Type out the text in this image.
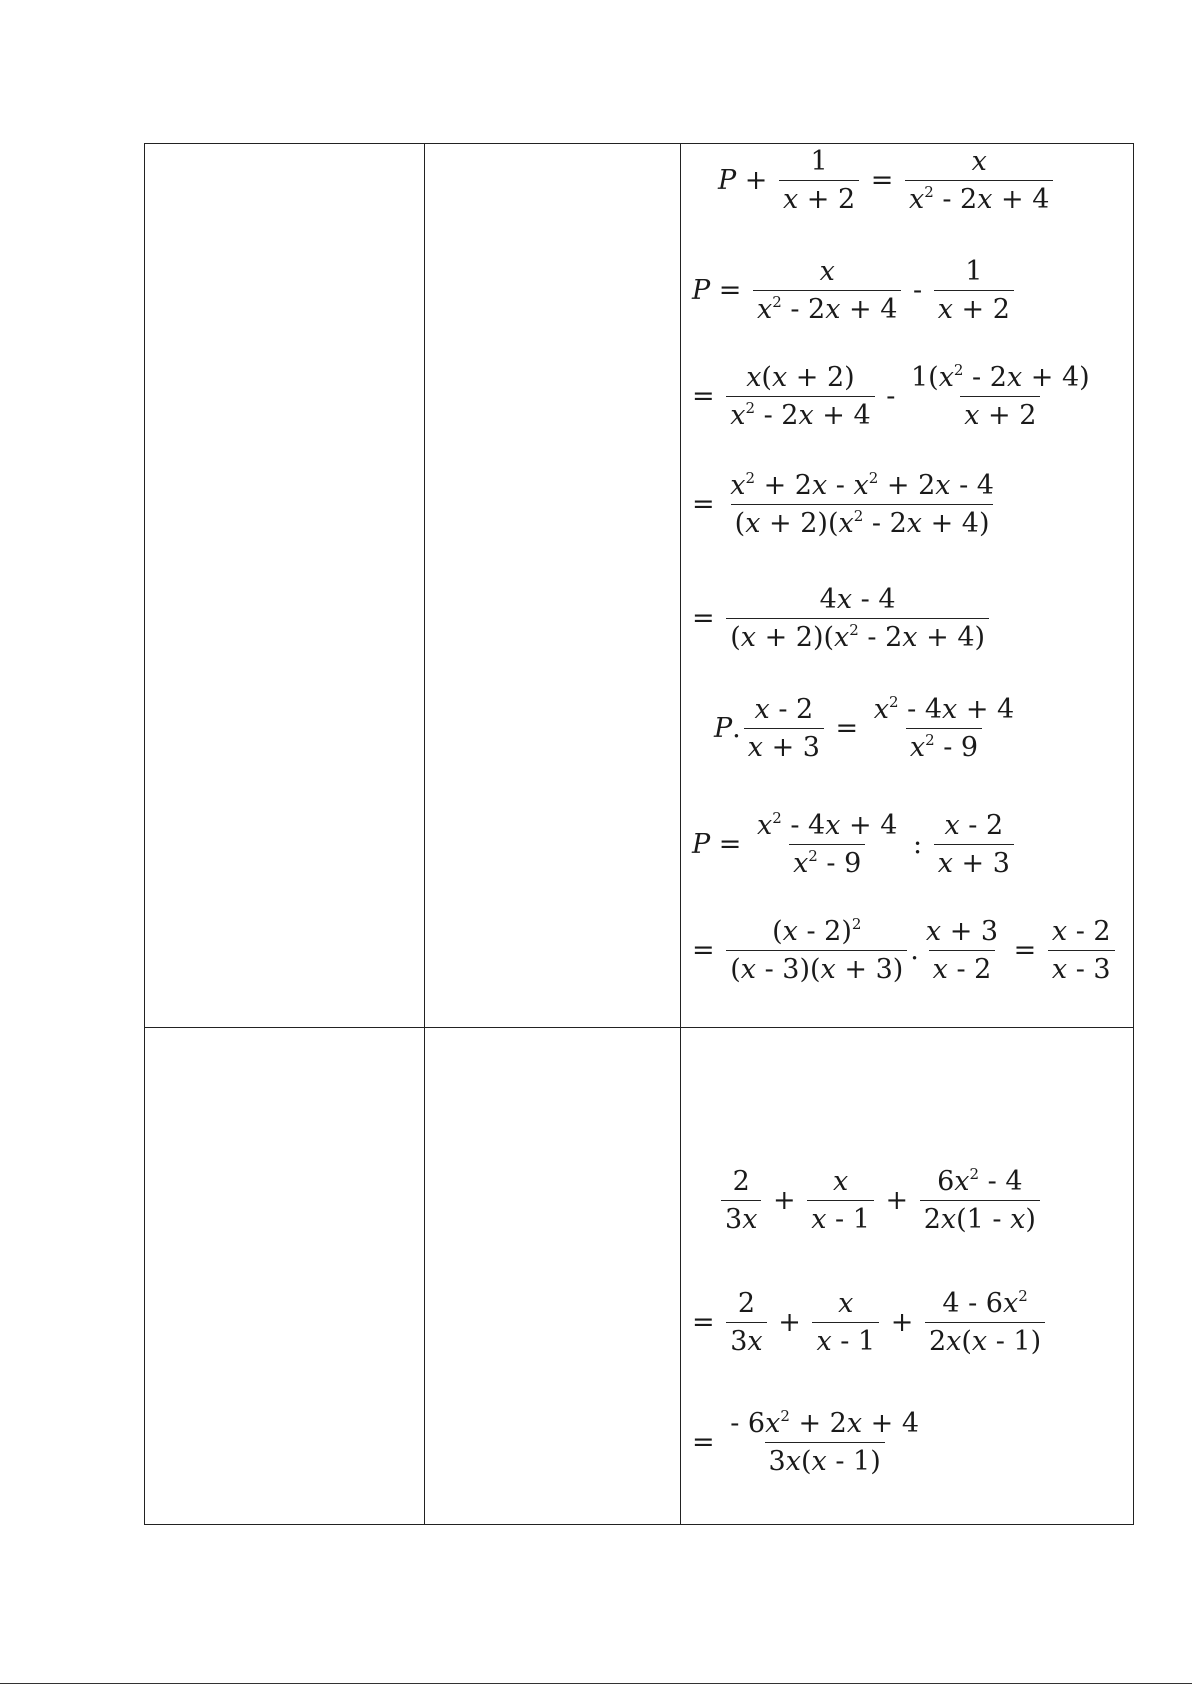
$P + \frac{1}{x + 2} = \frac{x}{x^2 - 2x + 4}$
$P = \frac{x}{x^2 - 2x + 4} - \frac{1}{x + 2}$
= $\frac{x(x + 2)}{x^2 - 2x + 4} - \frac{1(x^2 - 2x + 4)}{x + 2}$
= $\frac{x^2 + 2x - x^2 + 2x - 4}{(x + 2)(x^2 - 2x + 4)}$
= $\frac{4x - 4}{(x + 2)(x^2 - 2x + 4)}$
P . $\frac{x - 2}{x + 3} = \frac{x^2 - 4x + 4}{x^2 - 9}$
$P = \frac{x^2 - 4x + 4}{x^2 - 9}$ : $\frac{x - 2}{x + 3}$
= $\frac{(x - 2)^2}{(x - 3)(x + 3)}$ . $\frac{x + 3}{x - 2} = \frac{x - 2}{x - 3}$
$\frac{2}{3x} + \frac{x}{x - 1} + \frac{6x^2 - 4}{2x(1 - x)}$
= $\frac{2}{3x} + \frac{x}{x - 1} + \frac{4 - 6x^2}{2x(x - 1)}$
= $\frac{- 6x^2 + 2x + 4}{3x(x - 1)}$
